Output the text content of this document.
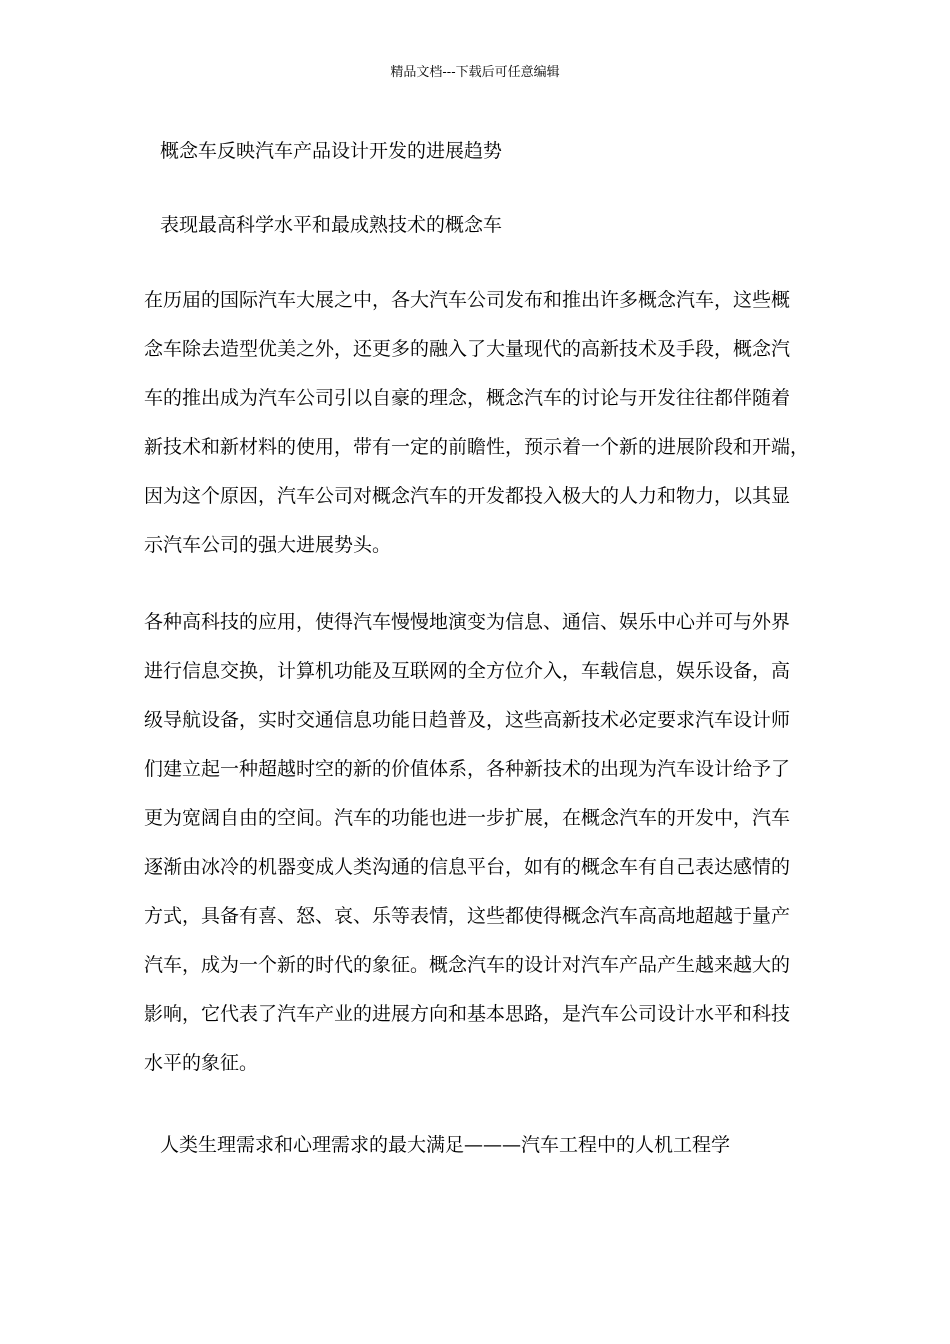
精品文档---下载后可任意编辑
概念车反映汽车产品设计开发的进展趋势
表现最高科学水平和最成熟技术的概念车
在历届的国际汽车大展之中，各大汽车公司发布和推出许多概念汽车，这些概
念车除去造型优美之外，还更多的融入了大量现代的高新技术及手段，概念汽
车的推出成为汽车公司引以自豪的理念，概念汽车的讨论与开发往往都伴随着
新技术和新材料的使用，带有一定的前瞻性，预示着一个新的进展阶段和开端，
因为这个原因，汽车公司对概念汽车的开发都投入极大的人力和物力，以其显
示汽车公司的强大进展势头。
各种高科技的应用，使得汽车慢慢地演变为信息、通信、娱乐中心并可与外界
进行信息交换，计算机功能及互联网的全方位介入，车载信息，娱乐设备，高
级导航设备，实时交通信息功能日趋普及，这些高新技术必定要求汽车设计师
们建立起一种超越时空的新的价值体系，各种新技术的出现为汽车设计给予了
更为宽阔自由的空间。汽车的功能也进一步扩展，在概念汽车的开发中，汽车
逐渐由冰冷的机器变成人类沟通的信息平台，如有的概念车有自己表达感情的
方式，具备有喜、怒、哀、乐等表情，这些都使得概念汽车高高地超越于量产
汽车，成为一个新的时代的象征。概念汽车的设计对汽车产品产生越来越大的
影响，它代表了汽车产业的进展方向和基本思路，是汽车公司设计水平和科技
水平的象征。
人类生理需求和心理需求的最大满足———汽车工程中的人机工程学
